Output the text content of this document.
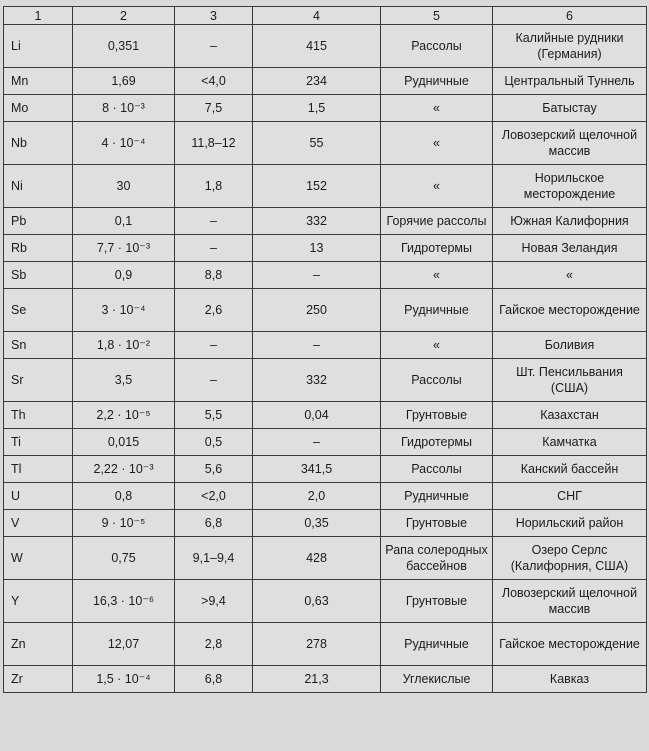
1	2	3	4	5	6
Li	0,351	–	415	Рассолы	Калийные рудники (Германия)
Mn	1,69	<4,0	234	Рудничные	Центральный Туннель
Mo	8 · 10⁻³	7,5	1,5	«	Батыстау
Nb	4 · 10⁻⁴	11,8–12	55	«	Ловозерский щелочной массив
Ni	30	1,8	152	«	Норильское месторождение
Pb	0,1	–	332	Горячие рассолы	Южная Калифорния
Rb	7,7 · 10⁻³	–	13	Гидротермы	Новая Зеландия
Sb	0,9	8,8	–	«	«
Se	3 · 10⁻⁴	2,6	250	Рудничные	Гайское месторождение
Sn	1,8 · 10⁻²	–	–	«	Боливия
Sr	3,5	–	332	Рассолы	Шт. Пенсильвания (США)
Th	2,2 · 10⁻⁵	5,5	0,04	Грунтовые	Казахстан
Ti	0,015	0,5	–	Гидротермы	Камчатка
Tl	2,22 · 10⁻³	5,6	341,5	Рассолы	Канский бассейн
U	0,8	<2,0	2,0	Рудничные	СНГ
V	9 · 10⁻⁵	6,8	0,35	Грунтовые	Норильский район
W	0,75	9,1–9,4	428	Рапа солеродных бассейнов	Озеро Серлс (Калифорния, США)
Y	16,3 · 10⁻⁶	>9,4	0,63	Грунтовые	Ловозерский щелочной массив
Zn	12,07	2,8	278	Рудничные	Гайское месторождение
Zr	1,5 · 10⁻⁴	6,8	21,3	Углекислые	Кавказ
